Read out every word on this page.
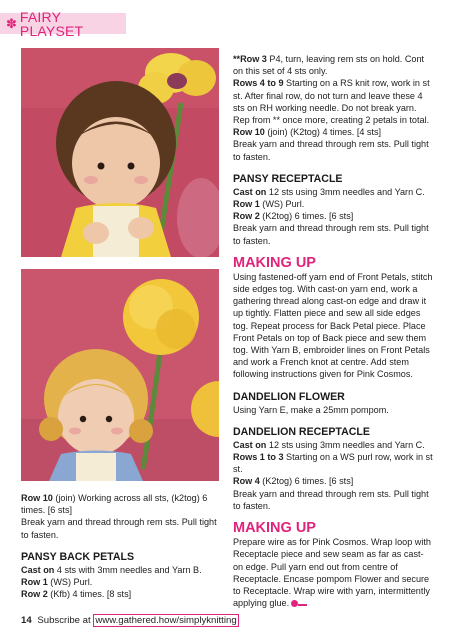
✽ FAIRY PLAYSET

Row 10 (join) Working across all sts, (k2tog) 6 times. [6 sts]

Break yarn and thread through rem sts. Pull tight to fasten.

PANSY BACK PETALS

Cast on 4 sts with 3mm needles and Yarn B.

Row 1 (WS) Purl.

Row 2 (Kfb) 4 times. [8 sts]

**Row 3 P4, turn, leaving rem sts on hold. Cont on this set of 4 sts only.

Rows 4 to 9 Starting on a RS knit row, work in st st. After final row, do not turn and leave these 4 sts on RH working needle. Do not break yarn.

Rep from ** once more, creating 2 petals in total.

Row 10 (join) (K2tog) 4 times. [4 sts]

Break yarn and thread through rem sts. Pull tight to fasten.

PANSY RECEPTACLE

Cast on 12 sts using 3mm needles and Yarn C.

Row 1 (WS) Purl.

Row 2 (K2tog) 6 times. [6 sts]

Break yarn and thread through rem sts. Pull tight to fasten.

MAKING UP

Using fastened-off yarn end of Front Petals, stitch side edges tog. With cast-on yarn end, work a gathering thread along cast-on edge and draw it up tightly. Flatten piece and sew all side edges tog. Repeat process for Back Petal piece. Place Front Petals on top of Back piece and sew them tog. With Yarn B, embroider lines on Front Petals and work a French knot at centre. Add stem following instructions given for Pink Cosmos.

DANDELION FLOWER

Using Yarn E, make a 25mm pompom.

DANDELION RECEPTACLE

Cast on 12 sts using 3mm needles and Yarn C.

Rows 1 to 3 Starting on a WS purl row, work in st st.

Row 4 (K2tog) 6 times. [6 sts]

Break yarn and thread through rem sts. Pull tight to fasten.

MAKING UP

Prepare wire as for Pink Cosmos. Wrap loop with Receptacle piece and sew seam as far as cast-on edge. Pull yarn end out from centre of Receptacle. Encase pompom Flower and secure to Receptacle. Wrap wire with yarn, intermittently applying glue.

14 Subscribe at www.gathered.how/simplyknitting
